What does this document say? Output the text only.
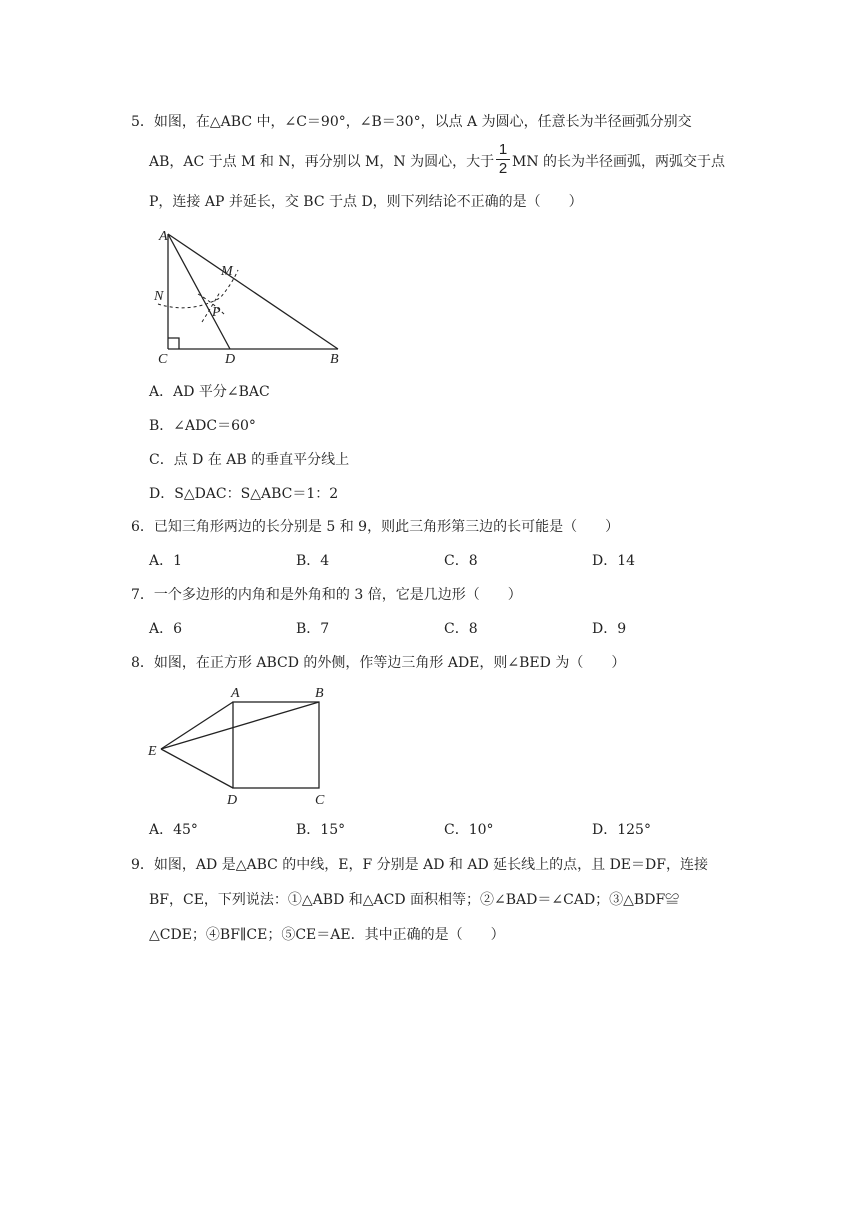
5．如图，在△ABC 中，∠C＝90°，∠B＝30°，以点 A 为圆心，任意长为半径画弧分别交
AB，AC 于点 M 和 N，再分别以 M，N 为圆心，大于
1
2 MN 的长为半径画弧，两弧交于点
P，连接 AP 并延长，交 BC 于点 D，则下列结论不正确的是（　　）
A
M
N
P
C	D	B
A．AD 平分∠BAC
B．∠ADC＝60°
C．点 D 在 AB 的垂直平分线上
D．S△DAC：S△ABC＝1：2
6．已知三角形两边的长分别是 5 和 9，则此三角形第三边的长可能是（　　）
A．1	B．4	C．8	D．14
7．一个多边形的内角和是外角和的 3 倍，它是几边形（　　）
A．6	B．7	C．8	D．9
8．如图，在正方形 ABCD 的外侧，作等边三角形 ADE，则∠BED 为（　　）
A	B
D	C
E
A．45°	B．15°	C．10°	D．125°
9．如图，AD 是△ABC 的中线，E，F 分别是 AD 和 AD 延长线上的点，且 DE＝DF，连接
BF，CE，下列说法：①△ABD 和△ACD 面积相等；②∠BAD＝∠CAD；③△BDF≌
△CDE；④BF∥CE；⑤CE＝AE．其中正确的是（　　）
